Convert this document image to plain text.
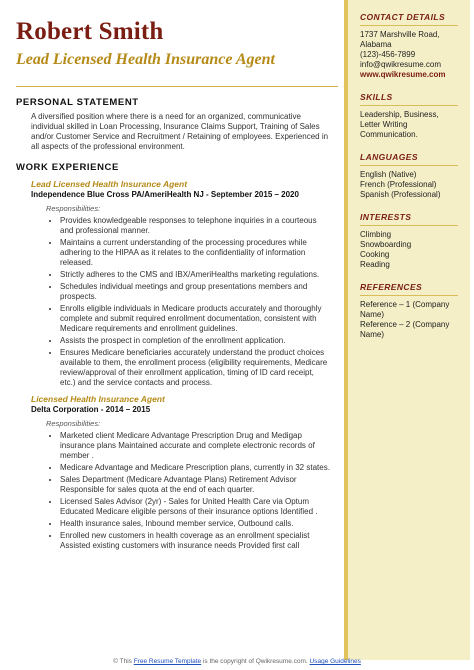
Robert Smith
Lead Licensed Health Insurance Agent
PERSONAL STATEMENT
A diversified position where there is a need for an organized, communicative individual skilled in Loan Processing, Insurance Claims Support, Training of Sales and/or Customer Service and Recruitment / Retaining of employees. Experienced in all aspects of the professional environment.
WORK EXPERIENCE
Lead Licensed Health Insurance Agent
Independence Blue Cross PA/AmeriHealth NJ - September 2015 – 2020
Responsibilities:
• Provides knowledgeable responses to telephone inquiries in a courteous and professional manner.
• Maintains a current understanding of the processing procedures while adhering to the HIPAA as it relates to the confidentiality of information released.
• Strictly adheres to the CMS and IBX/AmeriHealths marketing regulations.
• Schedules individual meetings and group presentations members and prospects.
• Enrolls eligible individuals in Medicare products accurately and thoroughly complete and submit required enrollment documentation, consistent with Medicare requirements and enrollment guidelines.
• Assists the prospect in completion of the enrollment application.
• Ensures Medicare beneficiaries accurately understand the product choices available to them, the enrollment process (eligibility requirements, Medicare review/approval of their enrollment application, timing of ID card receipt, etc.) and the service contacts and process.
Licensed Health Insurance Agent
Delta Corporation - 2014 – 2015
Responsibilities:
• Marketed client Medicare Advantage Prescription Drug and Medigap insurance plans Maintained accurate and complete electronic records of member .
• Medicare Advantage and Medicare Prescription plans, currently in 32 states.
• Sales Department (Medicare Advantage Plans) Retirement Advisor Responsible for sales quota at the end of each quarter.
• Licensed Sales Advisor (2yr) - Sales for United Health Care via Optum Educated Medicare eligible persons of their insurance options Identified .
• Health insurance sales, Inbound member service, Outbound calls.
• Enrolled new customers in health coverage as an enrollment specialist Assisted existing customers with insurance needs Provided first call
CONTACT DETAILS
1737 Marshville Road, Alabama
(123)-456-7899
info@qwikresume.com
www.qwikresume.com
SKILLS
Leadership, Business, Letter Writing Communication.
LANGUAGES
English (Native)
French (Professional)
Spanish (Professional)
INTERESTS
Climbing
Snowboarding
Cooking
Reading
REFERENCES
Reference – 1 (Company Name)
Reference – 2 (Company Name)
© This Free Resume Template is the copyright of Qwikresume.com. Usage Guidelines
